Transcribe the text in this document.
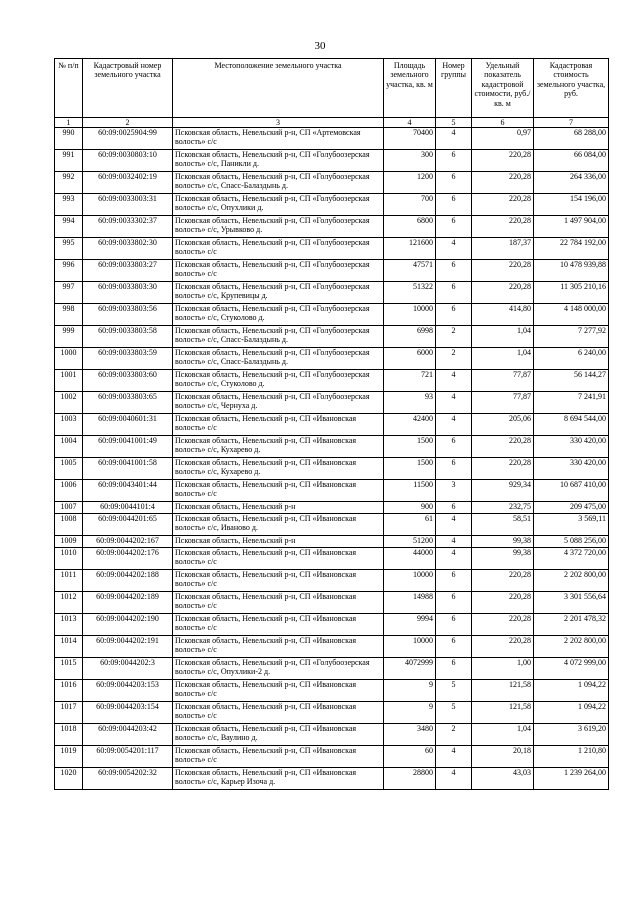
30
№ п/п	Кадастровый номер земельного участка	Местоположение земельного участка	Площадь земельного участка, кв. м	Номер группы	Удельный показатель кадастровой стоимости, руб./кв. м	Кадастровая стоимость земельного участка, руб.
1	2	3	4	5	6	7
990	60:09:0025904:99	Псковская область, Невельский р-н, СП «Артемовская волость» с/с	70400	4	0,97	68 288,00
991	60:09:0030803:10	Псковская область, Невельский р-н, СП «Голубоозерская волость» с/с, Паникли д.	300	6	220,28	66 084,00
992	60:09:0032402:19	Псковская область, Невельский р-н, СП «Голубоозерская волость» с/с, Спасс-Балаздынь д.	1200	6	220,28	264 336,00
993	60:09:0033003:31	Псковская область, Невельский р-н, СП «Голубоозерская волость» с/с, Опухлики д.	700	6	220,28	154 196,00
994	60:09:0033302:37	Псковская область, Невельский р-н, СП «Голубоозерская волость» с/с, Урывково д.	6800	6	220,28	1 497 904,00
995	60:09:0033802:30	Псковская область, Невельский р-н, СП «Голубоозерская волость» с/с	121600	4	187,37	22 784 192,00
996	60:09:0033803:27	Псковская область, Невельский р-н, СП «Голубоозерская волость» с/с	47571	6	220,28	10 478 939,88
997	60:09:0033803:30	Псковская область, Невельский р-н, СП «Голубоозерская волость» с/с, Крупевицы д.	51322	6	220,28	11 305 210,16
998	60:09:0033803:56	Псковская область, Невельский р-н, СП «Голубоозерская волость» с/с, Стуколово д.	10000	6	414,80	4 148 000,00
999	60:09:0033803:58	Псковская область, Невельский р-н, СП «Голубоозерская волость» с/с, Спасс-Балаздынь д.	6998	2	1,04	7 277,92
1000	60:09:0033803:59	Псковская область, Невельский р-н, СП «Голубоозерская волость» с/с, Спасс-Балаздынь д.	6000	2	1,04	6 240,00
1001	60:09:0033803:60	Псковская область, Невельский р-н, СП «Голубоозерская волость» с/с, Стуколово д.	721	4	77,87	56 144,27
1002	60:09:0033803:65	Псковская область, Невельский р-н, СП «Голубоозерская волость» с/с, Чернуха д.	93	4	77,87	7 241,91
1003	60:09:0040601:31	Псковская область, Невельский р-н, СП «Ивановская волость» с/с	42400	4	205,06	8 694 544,00
1004	60:09:0041001:49	Псковская область, Невельский р-н, СП «Ивановская волость» с/с, Кухарево д.	1500	6	220,28	330 420,00
1005	60:09:0041001:58	Псковская область, Невельский р-н, СП «Ивановская волость» с/с, Кухарево д.	1500	6	220,28	330 420,00
1006	60:09:0043401:44	Псковская область, Невельский р-н, СП «Ивановская волость» с/с	11500	3	929,34	10 687 410,00
1007	60:09:0044101:4	Псковская область, Невельский р-н	900	6	232,75	209 475,00
1008	60:09:0044201:65	Псковская область, Невельский р-н, СП «Ивановская волость» с/с, Иваново д.	61	4	58,51	3 569,11
1009	60:09:0044202:167	Псковская область, Невельский р-н	51200	4	99,38	5 088 256,00
1010	60:09:0044202:176	Псковская область, Невельский р-н, СП «Ивановская волость» с/с	44000	4	99,38	4 372 720,00
1011	60:09:0044202:188	Псковская область, Невельский р-н, СП «Ивановская волость» с/с	10000	6	220,28	2 202 800,00
1012	60:09:0044202:189	Псковская область, Невельский р-н, СП «Ивановская волость» с/с	14988	6	220,28	3 301 556,64
1013	60:09:0044202:190	Псковская область, Невельский р-н, СП «Ивановская волость» с/с	9994	6	220,28	2 201 478,32
1014	60:09:0044202:191	Псковская область, Невельский р-н, СП «Ивановская волость» с/с	10000	6	220,28	2 202 800,00
1015	60:09:0044202:3	Псковская область, Невельский р-н, СП «Голубоозерская волость» с/с, Опухлики-2 д.	4072999	6	1,00	4 072 999,00
1016	60:09:0044203:153	Псковская область, Невельский р-н, СП «Ивановская волость» с/с	9	5	121,58	1 094,22
1017	60:09:0044203:154	Псковская область, Невельский р-н, СП «Ивановская волость» с/с	9	5	121,58	1 094,22
1018	60:09:0044203:42	Псковская область, Невельский р-н, СП «Ивановская волость» с/с, Ваулино д.	3480	2	1,04	3 619,20
1019	60:09:0054201:117	Псковская область, Невельский р-н, СП «Ивановская волость» с/с	60	4	20,18	1 210,80
1020	60:09:0054202:32	Псковская область, Невельский р-н, СП «Ивановская волость» с/с, Карьер Изоча д.	28800	4	43,03	1 239 264,00
